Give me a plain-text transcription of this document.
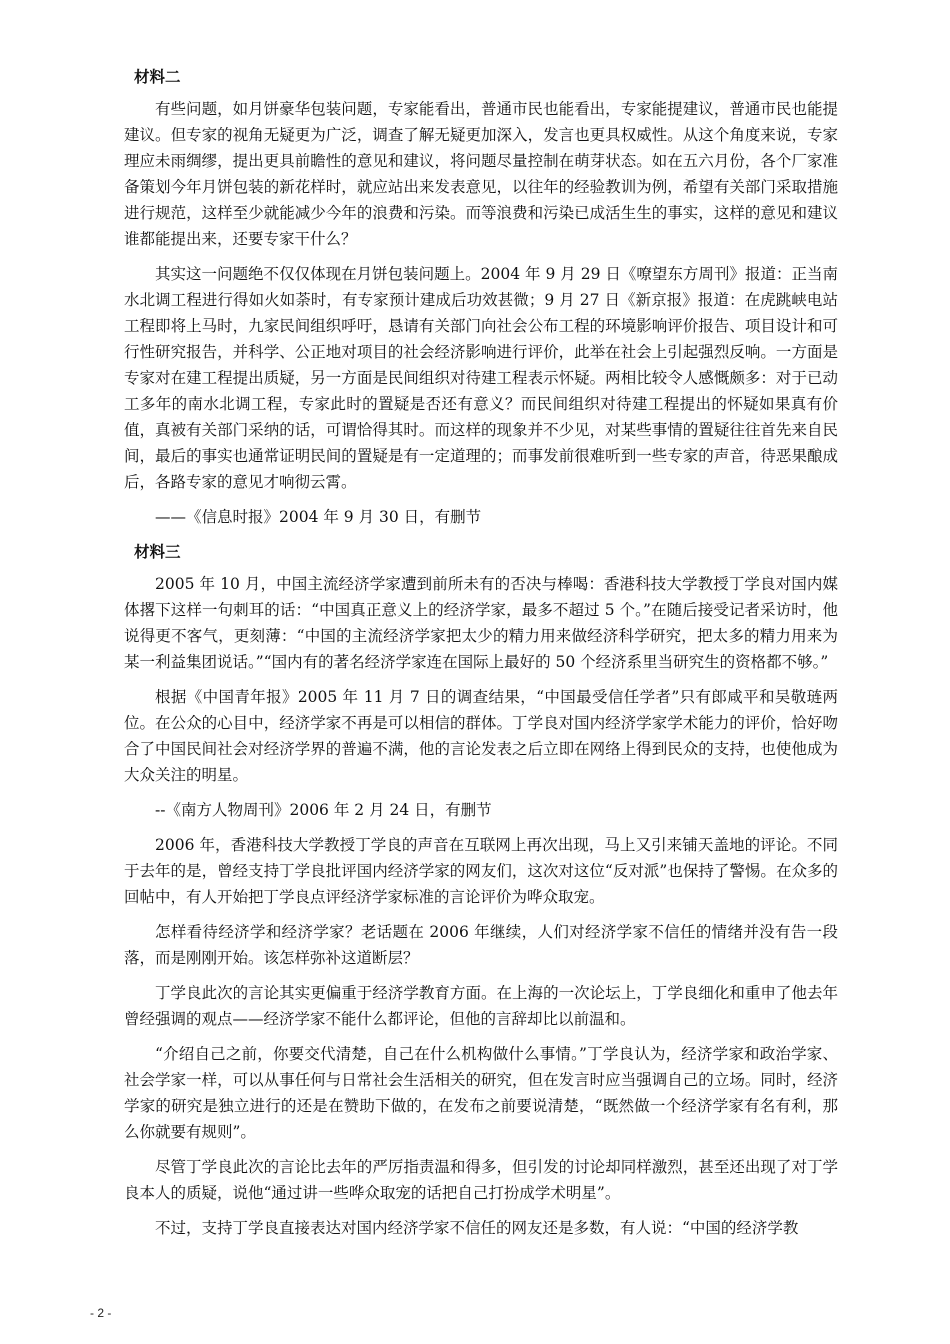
材料二

有些问题，如月饼豪华包装问题，专家能看出，普通市民也能看出，专家能提建议，普通市民也能提建议。但专家的视角无疑更为广泛，调查了解无疑更加深入，发言也更具权威性。从这个角度来说，专家理应未雨绸缪，提出更具前瞻性的意见和建议，将问题尽量控制在萌芽状态。如在五六月份，各个厂家准备策划今年月饼包装的新花样时，就应站出来发表意见，以往年的经验教训为例，希望有关部门采取措施进行规范，这样至少就能减少今年的浪费和污染。而等浪费和污染已成活生生的事实，这样的意见和建议谁都能提出来，还要专家干什么？

其实这一问题绝不仅仅体现在月饼包装问题上。2004 年 9 月 29 日《嘹望东方周刊》报道：正当南水北调工程进行得如火如荼时，有专家预计建成后功效甚微；9 月 27 日《新京报》报道：在虎跳峡电站工程即将上马时，九家民间组织呼吁，恳请有关部门向社会公布工程的环境影响评价报告、项目设计和可行性研究报告，并科学、公正地对项目的社会经济影响进行评价，此举在社会上引起强烈反响。一方面是专家对在建工程提出质疑，另一方面是民间组织对待建工程表示怀疑。两相比较令人感慨颇多：对于已动工多年的南水北调工程，专家此时的置疑是否还有意义？而民间组织对待建工程提出的怀疑如果真有价值，真被有关部门采纳的话，可谓恰得其时。而这样的现象并不少见，对某些事情的置疑往往首先来自民间，最后的事实也通常证明民间的置疑是有一定道理的；而事发前很难听到一些专家的声音，待恶果酿成后，各路专家的意见才响彻云霄。

——《信息时报》2004 年 9 月 30 日，有删节

材料三

2005 年 10 月，中国主流经济学家遭到前所未有的否决与棒喝：香港科技大学教授丁学良对国内媒体撂下这样一句刺耳的话：“中国真正意义上的经济学家，最多不超过 5 个。”在随后接受记者采访时，他说得更不客气，更刻薄：“中国的主流经济学家把太少的精力用来做经济科学研究，把太多的精力用来为某一利益集团说话。”“国内有的著名经济学家连在国际上最好的 50 个经济系里当研究生的资格都不够。”

根据《中国青年报》2005 年 11 月 7 日的调查结果，“中国最受信任学者”只有郎咸平和吴敬琏两位。在公众的心目中，经济学家不再是可以相信的群体。丁学良对国内经济学家学术能力的评价，恰好吻合了中国民间社会对经济学界的普遍不满，他的言论发表之后立即在网络上得到民众的支持，也使他成为大众关注的明星。

--《南方人物周刊》2006 年 2 月 24 日，有删节

2006 年，香港科技大学教授丁学良的声音在互联网上再次出现，马上又引来铺天盖地的评论。不同于去年的是，曾经支持丁学良批评国内经济学家的网友们，这次对这位“反对派”也保持了警惕。在众多的回帖中，有人开始把丁学良点评经济学家标准的言论评价为哗众取宠。

怎样看待经济学和经济学家？老话题在 2006 年继续，人们对经济学家不信任的情绪并没有告一段落，而是刚刚开始。该怎样弥补这道断层？

丁学良此次的言论其实更偏重于经济学教育方面。在上海的一次论坛上，丁学良细化和重申了他去年曾经强调的观点——经济学家不能什么都评论，但他的言辞却比以前温和。

“介绍自己之前，你要交代清楚，自己在什么机构做什么事情。”丁学良认为，经济学家和政治学家、社会学家一样，可以从事任何与日常社会生活相关的研究，但在发言时应当强调自己的立场。同时，经济学家的研究是独立进行的还是在赞助下做的，在发布之前要说清楚，“既然做一个经济学家有名有利，那么你就要有规则”。

尽管丁学良此次的言论比去年的严厉指责温和得多，但引发的讨论却同样激烈，甚至还出现了对丁学良本人的质疑，说他“通过讲一些哗众取宠的话把自己打扮成学术明星”。

不过，支持丁学良直接表达对国内经济学家不信任的网友还是多数，有人说：“中国的经济学教

- 2 -
